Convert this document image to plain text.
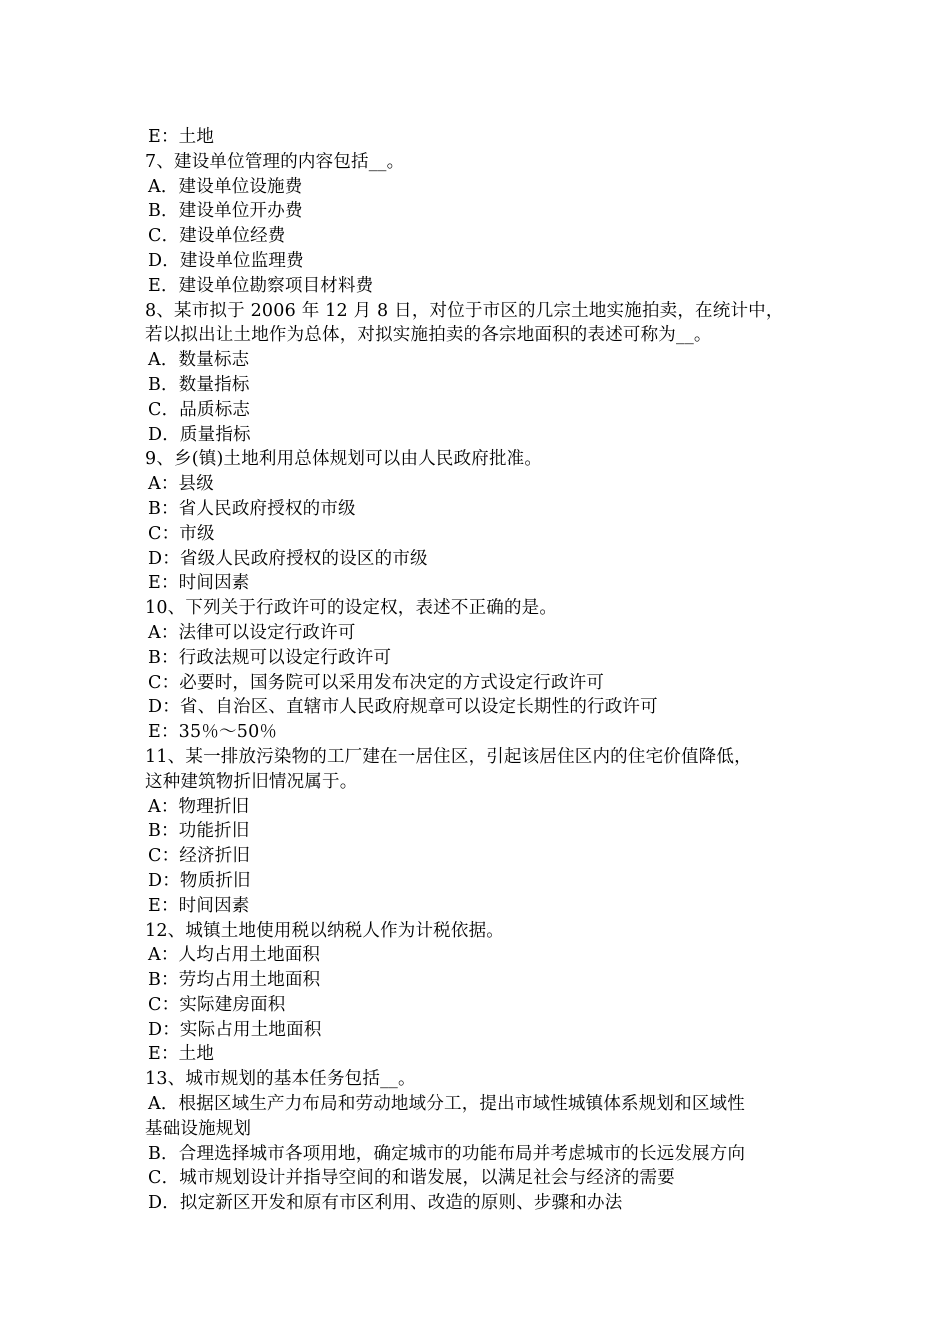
E：土地
7、建设单位管理的内容包括__。
A．建设单位设施费
B．建设单位开办费
C．建设单位经费
D．建设单位监理费
E．建设单位勘察项目材料费
8、某市拟于 2006 年 12 月 8 日，对位于市区的几宗土地实施拍卖，在统计中，
若以拟出让土地作为总体，对拟实施拍卖的各宗地面积的表述可称为__。
A．数量标志
B．数量指标
C．品质标志
D．质量指标
9、乡(镇)土地利用总体规划可以由人民政府批准。
A：县级
B：省人民政府授权的市级
C：市级
D：省级人民政府授权的设区的市级
E：时间因素
10、下列关于行政许可的设定权，表述不正确的是。
A：法律可以设定行政许可
B：行政法规可以设定行政许可
C：必要时，国务院可以采用发布决定的方式设定行政许可
D：省、自治区、直辖市人民政府规章可以设定长期性的行政许可
E：35％～50％
11、某一排放污染物的工厂建在一居住区，引起该居住区内的住宅价值降低，
这种建筑物折旧情况属于。
A：物理折旧
B：功能折旧
C：经济折旧
D：物质折旧
E：时间因素
12、城镇土地使用税以纳税人作为计税依据。
A：人均占用土地面积
B：劳均占用土地面积
C：实际建房面积
D：实际占用土地面积
E：土地
13、城市规划的基本任务包括__。
A．根据区域生产力布局和劳动地域分工，提出市域性城镇体系规划和区域性
基础设施规划
B．合理选择城市各项用地，确定城市的功能布局并考虑城市的长远发展方向
C．城市规划设计并指导空间的和谐发展，以满足社会与经济的需要
D．拟定新区开发和原有市区利用、改造的原则、步骤和办法
